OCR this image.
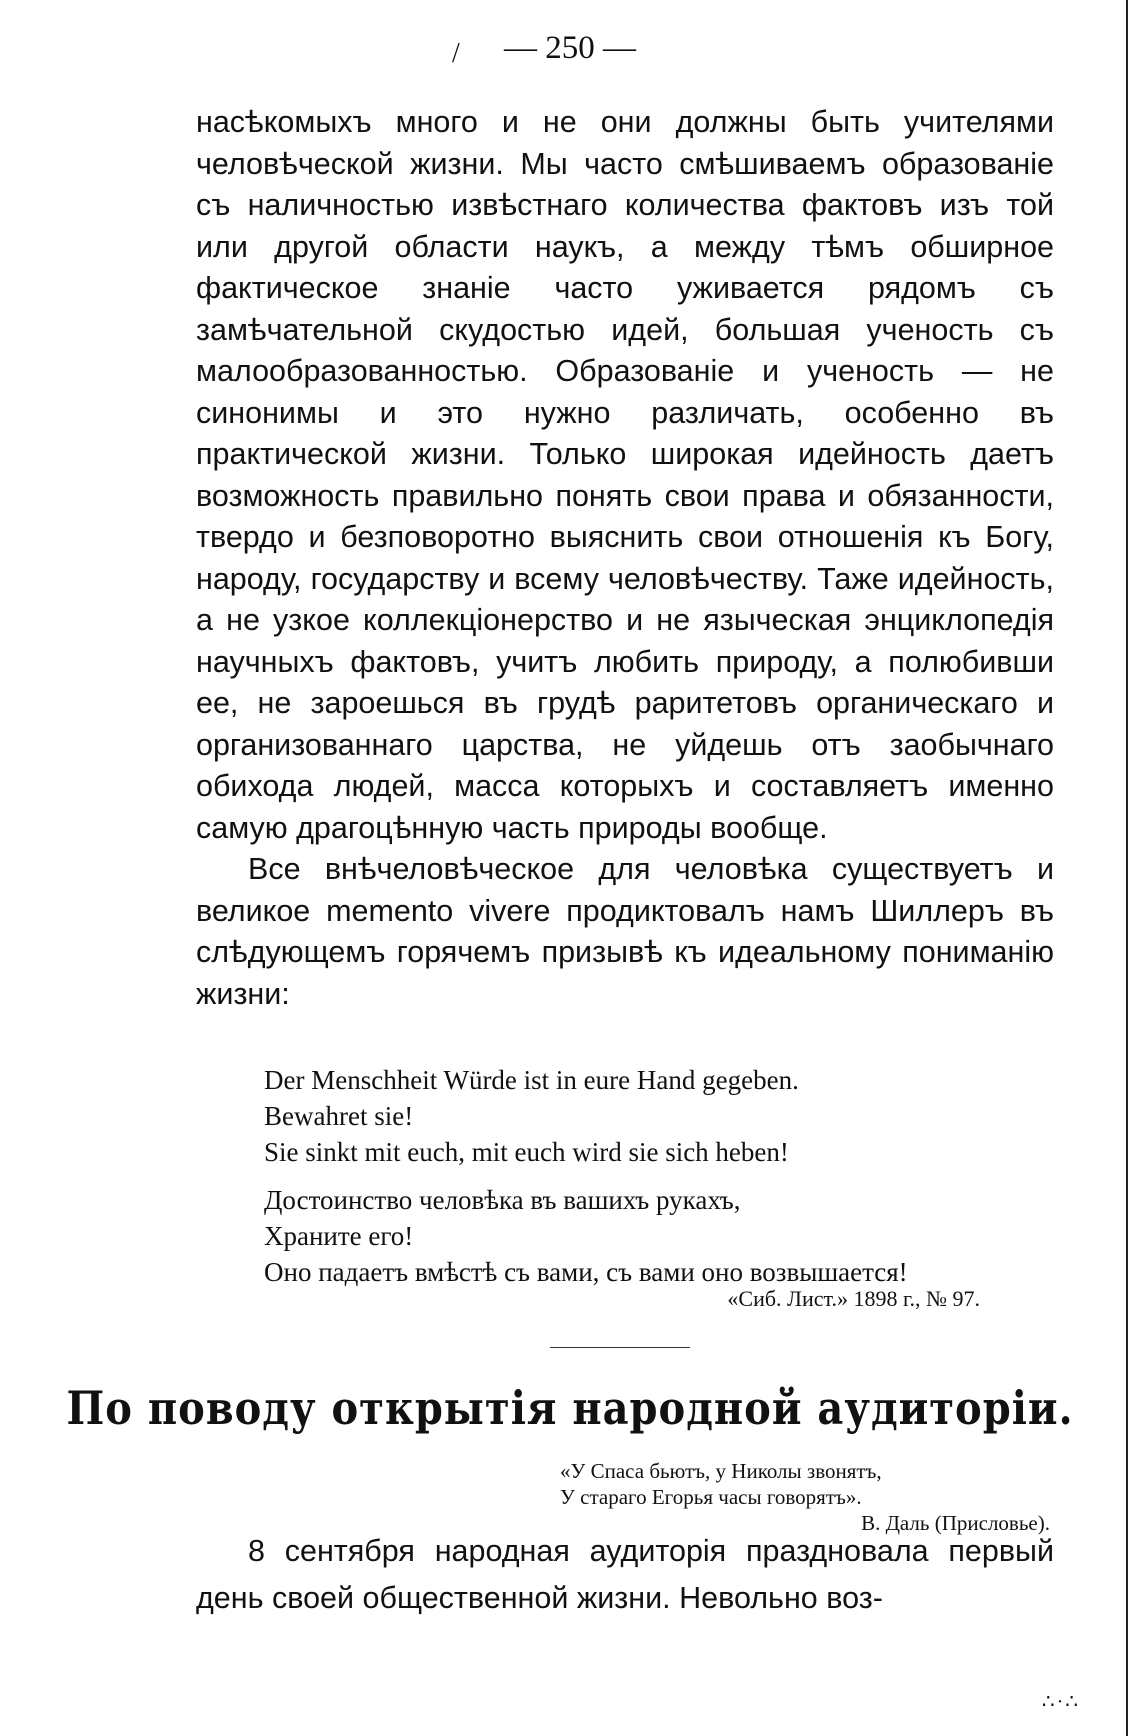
— 250 —
/

насѣкомыхъ много и не они должны быть учителями человѣческой жизни. Мы часто смѣшиваемъ образованіе съ наличностью извѣстнаго количества фактовъ изъ той или другой области наукъ, а между тѣмъ обширное фактическое знаніе часто уживается рядомъ съ замѣчательной скудостью идей, большая ученость съ малообразованностью. Образованіе и ученость — не синонимы и это нужно различать, особенно въ практической жизни. Только широкая идейность даетъ возможность правильно понять свои права и обязанности, твердо и безповоротно выяснить свои отношенія къ Богу, народу, государству и всему человѣчеству. Таже идейность, а не узкое коллекціонерство и не языческая энциклопедія научныхъ фактовъ, учитъ любить природу, а полюбивши ее, не зароешься въ грудѣ раритетовъ органическаго и организованнаго царства, не уйдешь отъ заобычнаго обихода людей, масса которыхъ и составляетъ именно самую драгоцѣнную часть природы вообще.

Все внѣчеловѣческое для человѣка существуетъ и великое memento vivere продиктовалъ намъ Шиллеръ въ слѣдующемъ горячемъ призывѣ къ идеальному пониманію жизни:

Der Menschheit Würde ist in eure Hand gegeben.
Bewahret sie!
Sie sinkt mit euch, mit euch wird sie sich heben!
Достоинство человѣка въ вашихъ рукахъ,
Храните его!
Оно падаетъ вмѣстѣ съ вами, съ вами оно возвышается!
«Сиб. Лист.» 1898 г., № 97.
По поводу открытія народной аудиторіи.
«У Спаса бьютъ, у Николы звонятъ,
У стараго Егорья часы говорятъ».
В. Даль (Присловье).

8 сентября народная аудиторія праздновала первый день своей общественной жизни. Невольно воз-

∴·∴
